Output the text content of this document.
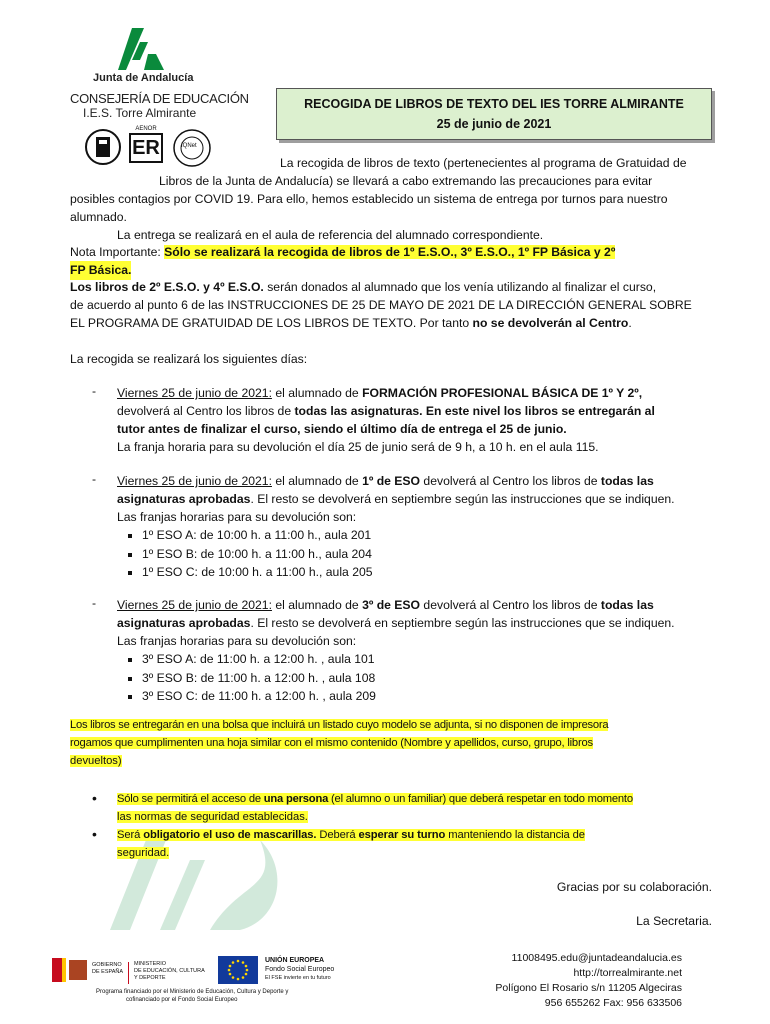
Junta de Andalucía
CONSEJERÍA DE EDUCACIÓN
I.E.S. Torre Almirante
AENOR
ER	IQNet
RECOGIDA DE LIBROS DE TEXTO DEL IES TORRE ALMIRANTE
25 de junio de 2021
La recogida de libros de texto (pertenecientes al programa de Gratuidad de
Libros de la Junta de Andalucía) se llevará a cabo extremando las precauciones para evitar
posibles contagios por COVID 19. Para ello, hemos establecido un sistema de entrega por turnos para nuestro
alumnado.
La entrega se realizará en el aula de referencia del alumnado correspondiente.
Nota Importante: Sólo se realizará la recogida de libros de 1º E.S.O., 3º E.S.O., 1º FP Básica y 2º
FP Básica.
Los libros de 2º E.S.O. y 4º E.S.O. serán donados al alumnado que los venía utilizando al finalizar el curso,
de acuerdo al punto 6 de las INSTRUCCIONES DE 25 DE MAYO DE 2021 DE LA DIRECCIÓN GENERAL SOBRE
EL PROGRAMA DE GRATUIDAD DE LOS LIBROS DE TEXTO. Por tanto no se devolverán al Centro.
La recogida se realizará los siguientes días:
- Viernes 25 de junio de 2021: el alumnado de FORMACIÓN PROFESIONAL BÁSICA DE 1º Y 2º,
devolverá al Centro los libros de todas las asignaturas. En este nivel los libros se entregarán al
tutor antes de finalizar el curso, siendo el último día de entrega el 25 de junio.
La franja horaria para su devolución el día 25 de junio será de 9 h, a 10 h. en el aula 115.
- Viernes 25 de junio de 2021: el alumnado de 1º de ESO devolverá al Centro los libros de todas las
asignaturas aprobadas. El resto se devolverá en septiembre según las instrucciones que se indiquen.
Las franjas horarias para su devolución son:
▪ 1º ESO A: de 10:00 h. a 11:00 h., aula 201
▪ 1º ESO B: de 10:00 h. a 11:00 h., aula 204
▪ 1º ESO C: de 10:00 h. a 11:00 h., aula 205
- Viernes 25 de junio de 2021: el alumnado de 3º de ESO devolverá al Centro los libros de todas las
asignaturas aprobadas. El resto se devolverá en septiembre según las instrucciones que se indiquen.
Las franjas horarias para su devolución son:
▪ 3º ESO A: de 11:00 h. a 12:00 h. , aula 101
▪ 3º ESO B: de 11:00 h. a 12:00 h. , aula 108
▪ 3º ESO C: de 11:00 h. a 12:00 h. , aula 209
Los libros se entregarán en una bolsa que incluirá un listado cuyo modelo se adjunta, si no disponen de impresora
rogamos que cumplimenten una hoja similar con el mismo contenido (Nombre y apellidos, curso, grupo, libros
devueltos)
• Sólo se permitirá el acceso de una persona (el alumno o un familiar) que deberá respetar en todo momento
las normas de seguridad establecidas.
• Será obligatorio el uso de mascarillas. Deberá esperar su turno manteniendo la distancia de
seguridad.
Gracias por su colaboración.
La Secretaria.
11008495.edu@juntadeandalucia.es
http://torrealmirante.net
Polígono El Rosario s/n 11205 Algeciras
956 655262 Fax: 956 633506
GOBIERNO
DE ESPAÑA
MINISTERIO
DE EDUCACIÓN, CULTURA
Y DEPORTE
UNIÓN EUROPEA
Fondo Social Europeo
El FSE invierte en tu futuro
Programa financiado por el Ministerio de Educación, Cultura y Deporte y
cofinanciado por el Fondo Social Europeo
